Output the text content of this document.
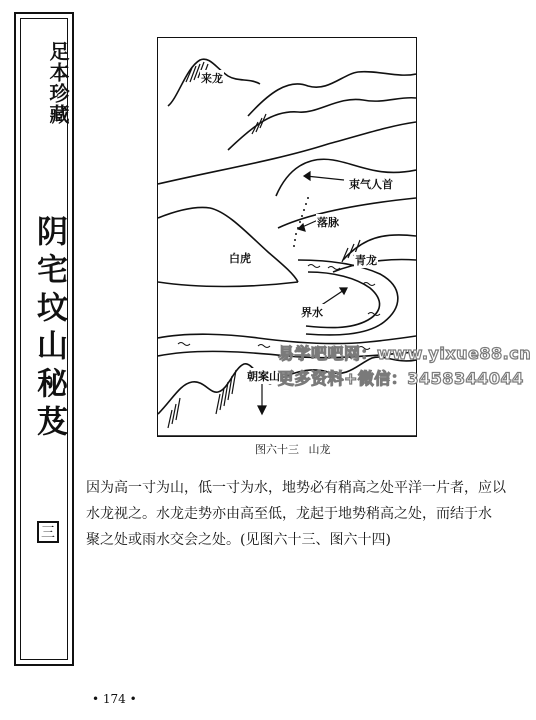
足本珍藏
阴宅坟山秘芨
三
来龙
束气人首
落脉
白虎	青龙
界水
朝案山
图六十三 山龙

因为高一寸为山，低一寸为水，地势必有稍高之处平洋一片者，应以

水龙视之。水龙走势亦由高至低，龙起于地势稍高之处，而结于水

聚之处或雨水交会之处。(见图六十三、图六十四)

易学吧吧网：www.yixue88.cn
更多资料+微信：3458344044
• 174 •
